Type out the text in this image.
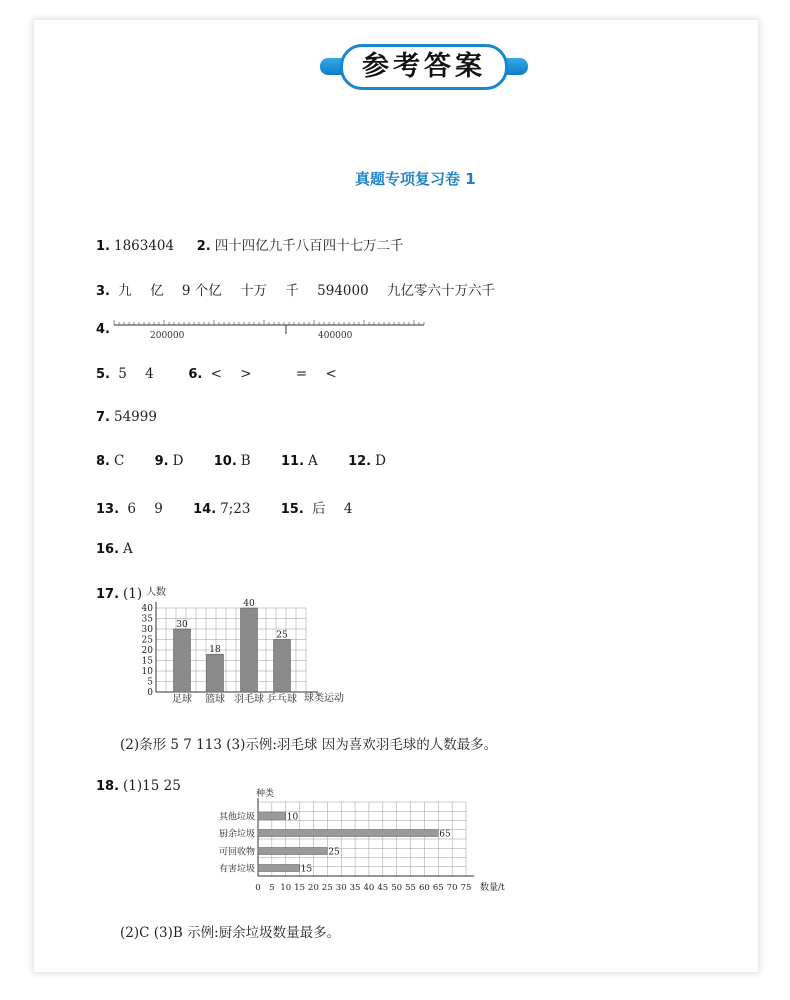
参考答案
真题专项复习卷 1
1. 1863404 2. 四十四亿九千八百四十七万二千
3. 九 亿 9 个亿 十万 千 594000 九亿零六十万六千
4.	200000	400000
5. 5 4	6. < >	= <
7. 54999
8. C 9. D 10. B 11. A 12. D
13. 6 9 14. 7;23 15. 后 4
16. A
17. (1) 人数
0
5
10
15
20
25
30
35
40
30
18
40
25
足球 篮球 羽毛球 乒乓球 球类运动
(2)条形 5 7 113 (3)示例:羽毛球 因为喜欢羽毛球的人数最多。
18. (1)15 25	种类
10
65
25
15
其他垃圾
厨余垃圾
可回收物
有害垃圾
0 5 10 15 20 25 30 35 40 45 50 55 60 65 70 75 数量/t
(2)C (3)B 示例:厨余垃圾数量最多。
